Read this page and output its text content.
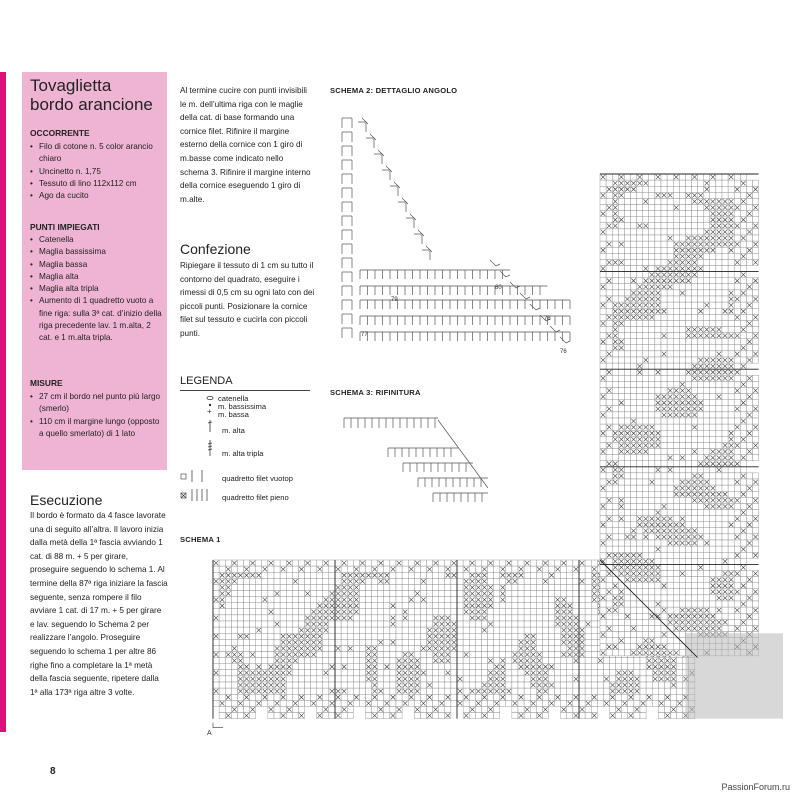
Tovaglietta
bordo arancione
OCCORRENTE
• Filo di cotone n. 5 color arancio chiaro
• Uncinetto n. 1,75
• Tessuto di lino 112x112 cm
• Ago da cucito
PUNTI IMPIEGATI
• Catenella
• Maglia bassissima
• Maglia bassa
• Maglia alta
• Maglia alta tripla
• Aumento di 1 quadretto vuoto a fine riga: sulla 3ª cat. d’inizio della riga precedente lav. 1 m.alta, 2 cat. e 1 m.alta tripla.
MISURE
• 27 cm il bordo nel punto più largo (smerlo)
• 110 cm il margine lungo (opposto a quello smerlato) di 1 lato
Esecuzione

Il bordo è formato da 4 fasce lavorate una di seguito all’altra. Il lavoro inizia dalla metà della 1ª fascia avviando 1 cat. di 88 m. + 5 per girare, proseguire seguendo lo schema 1. Al termine della 87ª riga iniziare la fascia seguente, senza rompere il filo avviare 1 cat. di 17 m. + 5 per girare e lav. seguendo lo Schema 2 per realizzare l’angolo. Proseguire seguendo lo schema 1 per altre 86 righe fino a completare la 1ª metà della fascia seguente, ripetere dalla 1ª alla 173ª riga altre 3 volte.

Al termine cucire con punti invisibili le m. dell’ultima riga con le maglie della cat. di base formando una cornice filet. Rifinire il margine esterno della cornice con 1 giro di m.basse come indicato nello schema 3. Rifinire il margine interno della cornice eseguendo 1 giro di m.alte.

Confezione

Ripiegare il tessuto di 1 cm su tutto il contorno del quadrato, eseguire i rimessi di 0,5 cm su ogni lato con dei piccoli punti. Posizionare la cornice filet sul tessuto e cucirla con piccoli punti.

LEGENDA
+
catenella
m. bassissima
m. bassa
m. alta
m. alta tripla
quadretto filet vuotop
quadretto filet pieno
SCHEMA 2: DETTAGLIO ANGOLO
SCHEMA 3: RIFINITURA
SCHEMA 1
80
79
78
77
76
A
8
PassionForum.ru
